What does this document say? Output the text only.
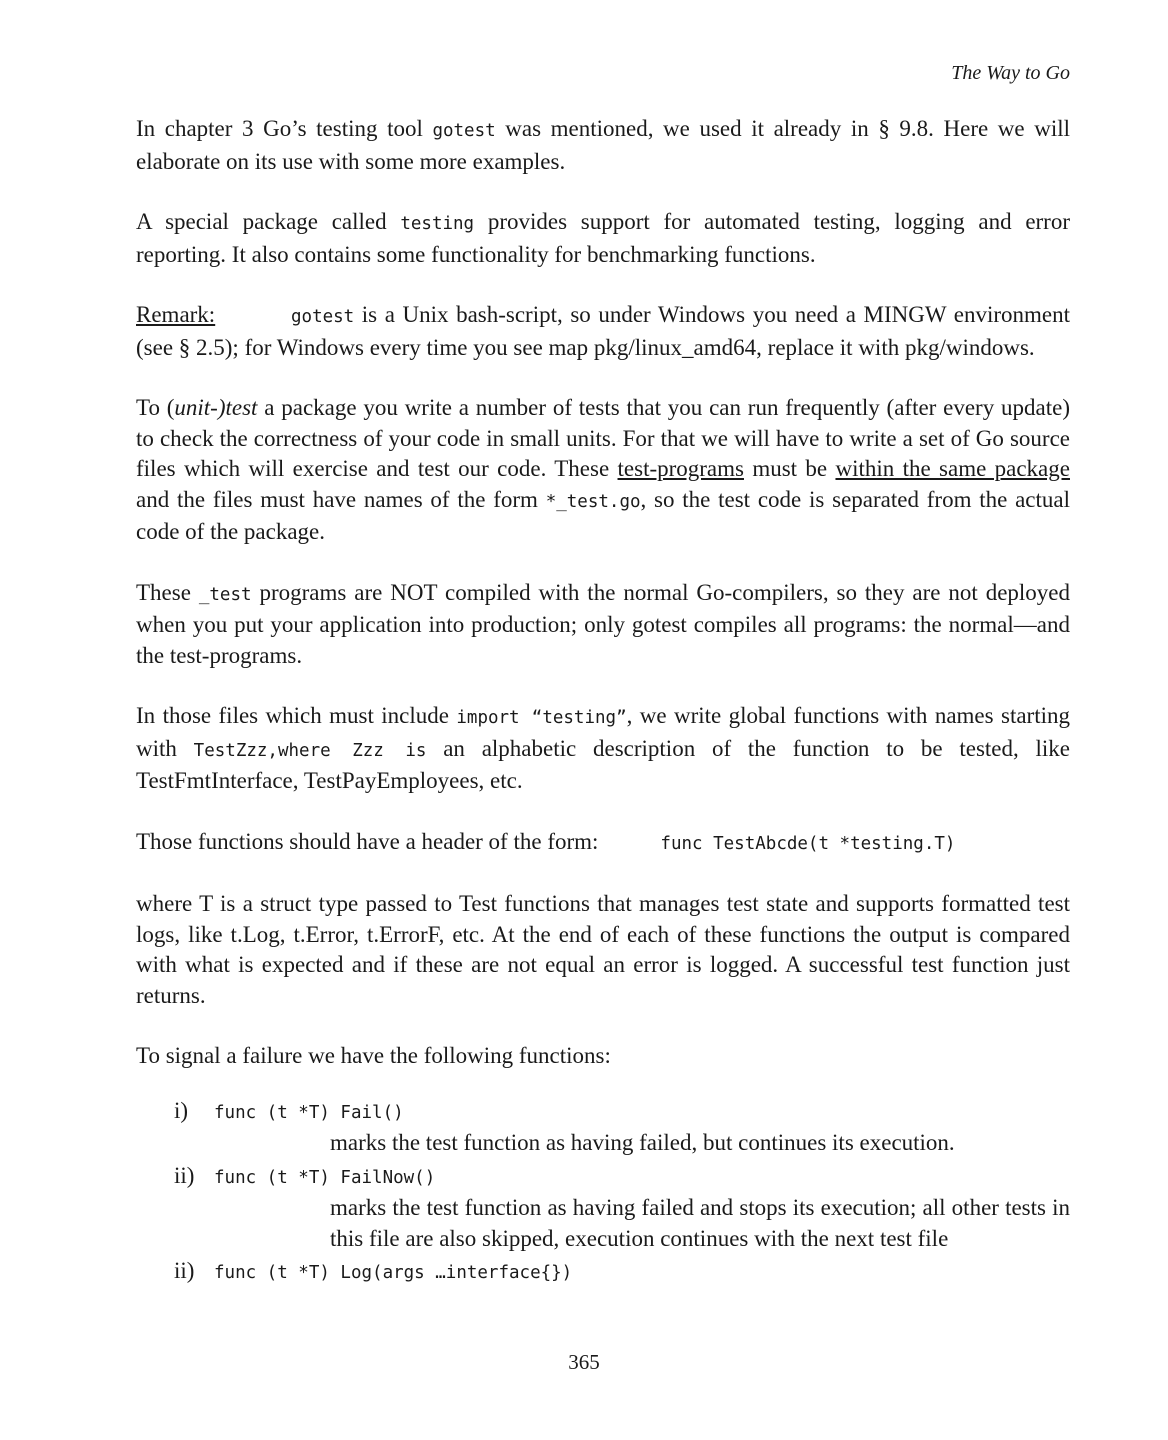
The Way to Go

In chapter 3 Go’s testing tool gotest was mentioned, we used it already in § 9.8. Here we will elaborate on its use with some more examples.

A special package called testing provides support for automated testing, logging and error reporting. It also contains some functionality for benchmarking functions.

Remark:	gotest is a Unix bash-script, so under Windows you need a MINGW environment (see § 2.5); for Windows every time you see map pkg/linux_amd64, replace it with pkg/windows.

To (unit-)test a package you write a number of tests that you can run frequently (after every update) to check the correctness of your code in small units. For that we will have to write a set of Go source files which will exercise and test our code. These test-programs must be within the same package and the files must have names of the form *_test.go, so the test code is separated from the actual code of the package.

These _test programs are NOT compiled with the normal Go-compilers, so they are not deployed when you put your application into production; only gotest compiles all programs: the normal—and the test-programs.

In those files which must include import “testing”, we write global functions with names starting with TestZzz,where Zzz is an alphabetic description of the function to be tested, like TestFmtInterface, TestPayEmployees, etc.

Those functions should have a header of the form:	func TestAbcde(t *testing.T)

where T is a struct type passed to Test functions that manages test state and supports formatted test logs, like t.Log, t.Error, t.ErrorF, etc. At the end of each of these functions the output is compared with what is expected and if these are not equal an error is logged. A successful test function just returns.

To signal a failure we have the following functions:

i)	func (t *T) Fail()
marks the test function as having failed, but continues its execution.
ii)	func (t *T) FailNow()
marks the test function as having failed and stops its execution; all other tests in this file are also skipped, execution continues with the next test file
ii)	func (t *T) Log(args …interface{})
365
